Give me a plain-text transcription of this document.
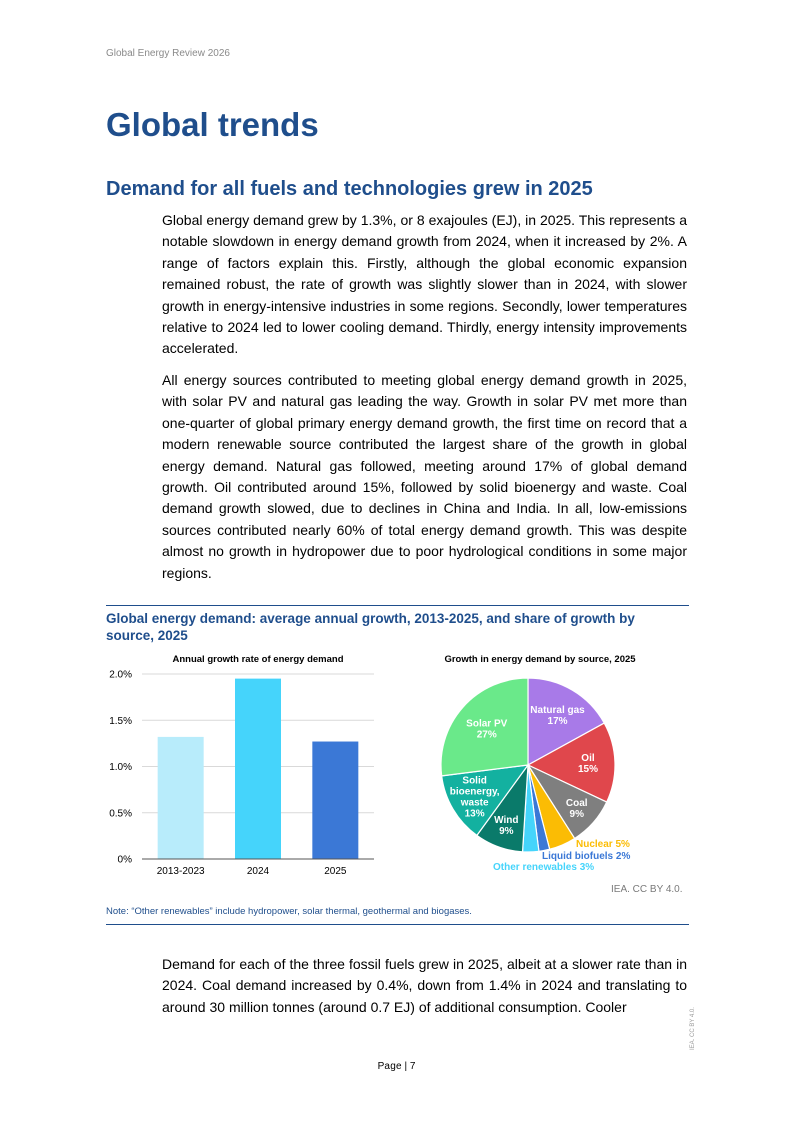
Global Energy Review 2026
Global trends
Demand for all fuels and technologies grew in 2025

Global energy demand grew by 1.3%, or 8 exajoules (EJ), in 2025. This represents a notable slowdown in energy demand growth from 2024, when it increased by 2%. A range of factors explain this. Firstly, although the global economic expansion remained robust, the rate of growth was slightly slower than in 2024, with slower growth in energy-intensive industries in some regions. Secondly, lower temperatures relative to 2024 led to lower cooling demand. Thirdly, energy intensity improvements accelerated.

All energy sources contributed to meeting global energy demand growth in 2025, with solar PV and natural gas leading the way. Growth in solar PV met more than one-quarter of global primary energy demand growth, the first time on record that a modern renewable source contributed the largest share of the growth in global energy demand. Natural gas followed, meeting around 17% of global demand growth. Oil contributed around 15%, followed by solid bioenergy and waste. Coal demand growth slowed, due to declines in China and India. In all, low-emissions sources contributed nearly 60% of total energy demand growth. This was despite almost no growth in hydropower due to poor hydrological conditions in some major regions.

Global energy demand: average annual growth, 2013-2025, and share of growth by source, 2025
Annual growth rate of energy demand	Growth in energy demand by source, 2025
0%
0.5%
1.0%
1.5%
2.0%
2013-2023	2024	2025
Natural gas
17%
Oil
15%
Coal
9%
Wind
9%
Solid
bioenergy,
waste
13%
Solar PV
27%
Nuclear 5%
Liquid biofuels 2%
Other renewables 3%
IEA. CC BY 4.0.
Note: “Other renewables” include hydropower, solar thermal, geothermal and biogases.

Demand for each of the three fossil fuels grew in 2025, albeit at a slower rate than in 2024. Coal demand increased by 0.4%, down from 1.4% in 2024 and translating to around 30 million tonnes (around 0.7 EJ) of additional consumption. Cooler

Page | 7
IEA. CC BY 4.0.
